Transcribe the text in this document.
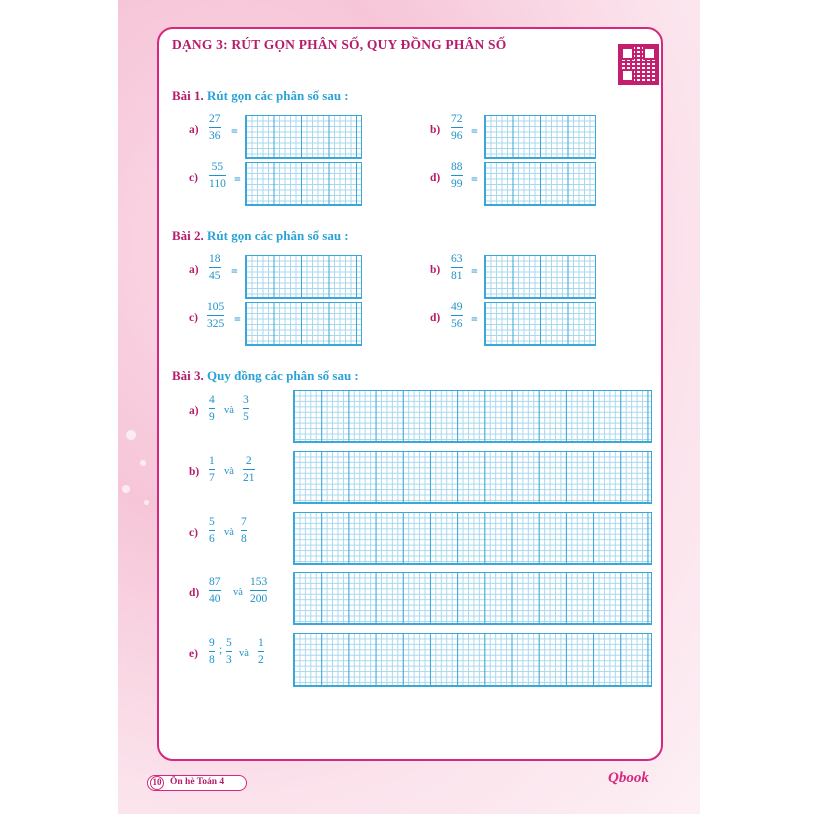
DẠNG 3: RÚT GỌN PHÂN SỐ, QUY ĐỒNG PHÂN SỐ
Bài 1. Rút gọn các phân số sau :
a)
27
36 =	b)
72
96 =
c)
55
110 =	d)
88
99 =
Bài 2. Rút gọn các phân số sau :
a)
18
45 =	b)
63
81 =
c)
105
325 =	d)
49
56 =
Bài 3. Quy đồng các phân số sau :
a)
4
9
và
3
5
b)
1
7
và
2
21
c)
5
6
và
7
8
d)
87
40
và
153
200
e)
9
8
;
5
3
và
1
2
10 Ôn hè Toán 4	Qbook
